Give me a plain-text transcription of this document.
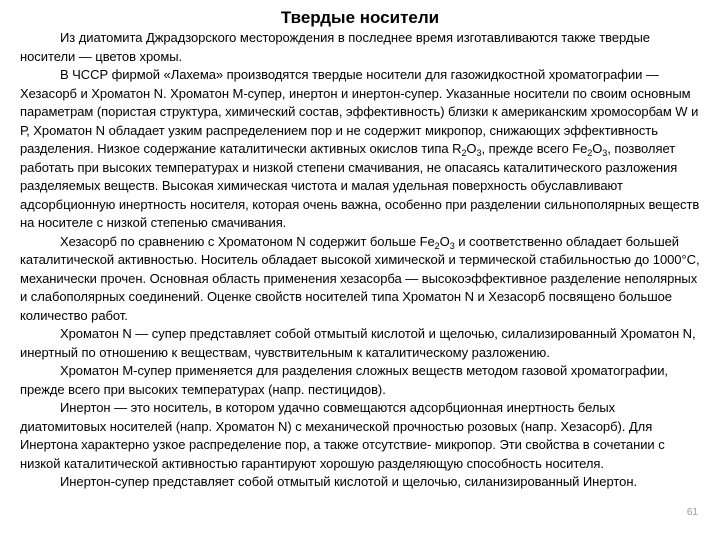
Твердые носители

Из диатомита Джрадзорского месторождения в последнее время изготавливаются также твердые носители — цветов хромы.

В ЧССР фирмой «Лахема» производятся твердые носители для газожидкостной хроматографии — Хезасорб и Хроматон N. Хроматон М-супер, инертон и инертон-супер. Указанные носители по своим основным параметрам (пористая структура, химический состав, эффективность) близки к американским хромосорбам W и Р, Хроматон N обладает узким распределением пор и не содержит микропор, снижающих эффективность разделения. Низкое содержание каталитически активных окислов типа $R_2O_3$, прежде всего $Fe_2O_3$, позволяет работать при высоких температурах и низкой степени смачивания, не опасаясь каталитического разложения разделяемых веществ. Высокая химическая чистота и малая удельная поверхность обуславливают адсорбционную инертность носителя, которая очень важна, особенно при разделении сильнополярных веществ на носителе с низкой степенью смачивания.

Хезасорб по сравнению с Хроматоном N содержит больше $Fe_2O_3$ и соответственно обладает большей каталитической активностью. Носитель обладает высокой химической и термической стабильностью до 1000°С, механически прочен. Основная область применения хезасорба — высокоэффективное разделение неполярных и слабополярных соединений. Оценке свойств носителей типа Хроматон N и Хезасорб посвящено большое количество работ.

Хроматон N — супер представляет собой отмытый кислотой и щелочью, силализированный Хроматон N, инертный по отношению к веществам, чувствительным к каталитическому разложению.

Хроматон М-супер применяется для разделения сложных веществ методом газовой хроматографии, прежде всего при высоких температурах (напр. пестицидов).

Инертон — это носитель, в котором удачно совмещаются адсорбционная инертность белых диатомитовых носителей (напр. Хроматон N) с механической прочностью розовых (напр. Хезасорб). Для Инертона характерно узкое распределение пор, а также отсутствие- микропор. Эти свойства в сочетании с низкой каталитической активностью гарантируют хорошую разделяющую способность носителя.

Инертон-супер представляет собой отмытый кислотой и щелочью, силанизированный Инертон.

61
